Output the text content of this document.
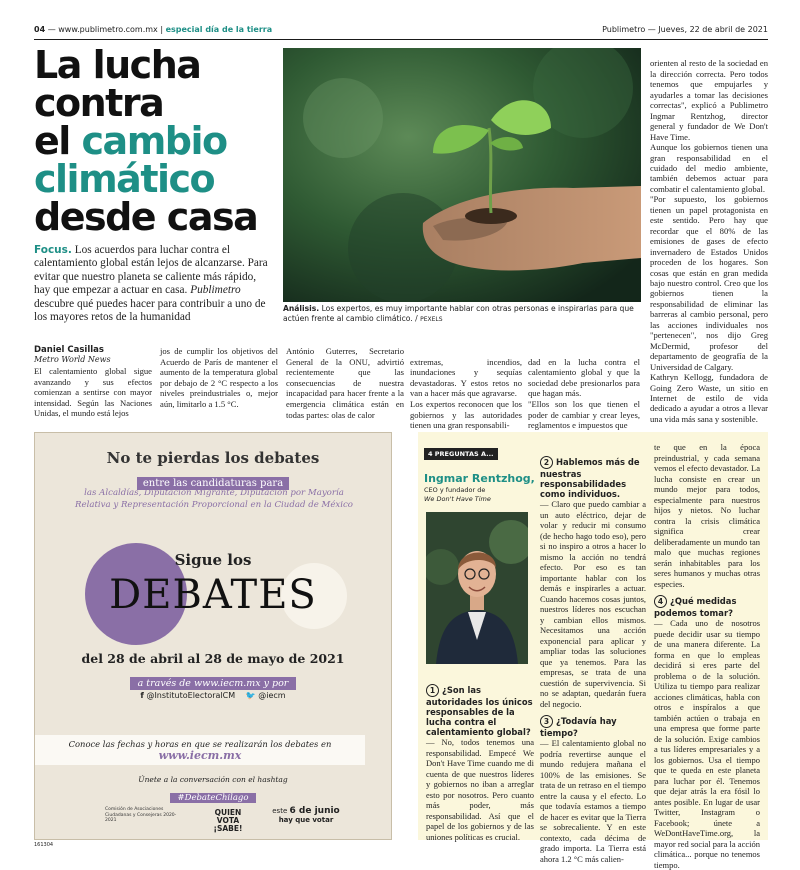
04 — www.publimetro.com.mx | especial día de la tierra	Publimetro — Jueves, 22 de abril de 2021
La lucha
contra
el cambio
climático
desde casa
Focus. Los acuerdos para luchar contra el calentamiento global están lejos de alcanzarse. Para evitar que nuestro planeta se caliente más rápido, hay que empezar a actuar en casa. Publimetro descubre qué puedes hacer para contribuir a uno de los mayores retos de la humanidad
Análisis. Los expertos, es muy importante hablar con otras personas e inspirarlas para que actúen frente al cambio climático. / PEXELS
Daniel Casillas
Metro World News

El calentamiento global sigue avanzando y sus efectos comienzan a sentirse con mayor intensidad. Según las Naciones Unidas, el mundo está lejos

jos de cumplir los objetivos del Acuerdo de París de mantener el aumento de la temperatura global por debajo de 2 °C respecto a los niveles preindustriales o, mejor aún, limitarlo a 1.5 °C.

António Guterres, Secretario General de la ONU, advirtió recientemente que las consecuencias de nuestra incapacidad para hacer frente a la emergencia climática están en todas partes: olas de calor

extremas, incendios, inundaciones y sequías devastadoras. Y estos retos no van a hacer más que agravarse.
Los expertos reconocen que los gobiernos y las autoridades tienen una gran responsabili-

dad en la lucha contra el calentamiento global y que la sociedad debe presionarlos para que hagan más.
"Ellos son los que tienen el poder de cambiar y crear leyes, reglamentos e impuestos que

orienten al resto de la sociedad en la dirección correcta. Pero todos tenemos que empujarles y ayudarles a tomar las decisiones correctas", explicó a Publimetro Ingmar Rentzhog, director general y fundador de We Don't Have Time.
Aunque los gobiernos tienen una gran responsabilidad en el cuidado del medio ambiente, también debemos actuar para combatir el calentamiento global.
"Por supuesto, los gobiernos tienen un papel protagonista en este sentido. Pero hay que recordar que el 80% de las emisiones de gases de efecto invernadero de Estados Unidos proceden de los hogares. Son cosas que están en gran medida bajo nuestro control. Creo que los gobiernos tienen la responsabilidad de eliminar las barreras al cambio personal, pero las acciones individuales nos "pertenecen", nos dijo Greg McDermid, profesor del departamento de geografía de la Universidad de Calgary.
Kathryn Kellogg, fundadora de Going Zero Waste, un sitio en Internet de estilo de vida dedicado a ayudar a otros a llevar una vida más sana y sostenible.

No te pierdas los debates
entre las candidaturas para
las Alcaldías, Diputación Migrante, Diputación por Mayoría Relativa y Representación Proporcional en la Ciudad de México
Sigue los
DEBATES
del 28 de abril al 28 de mayo de 2021
a través de www.iecm.mx y por
f @InstitutoElectoralCM 🐦 @iecm
Conoce las fechas y horas en que se realizarán los debates en
www.iecm.mx
Únete a la conversación con el hashtag
#DebateChilago
Comisión de Asociaciones Ciudadanas y Consejeras 2020-2021
QUIEN VOTA ¡SABE!
este 6 de junio
hay que votar
161304
4 PREGUNTAS A...
Ingmar Rentzhog,
CEO y fundador de
We Don't Have Time

1 ¿Son las autoridades los únicos responsables de la lucha contra el calentamiento global?

— No, todos tenemos una responsabilidad. Empecé We Don't Have Time cuando me di cuenta de que nuestros líderes y gobiernos no iban a arreglar esto por nosotros. Pero cuanto más poder, más responsabilidad. Así que el papel de los gobiernos y de las uniones políticas es crucial.

2 Hablemos más de nuestras responsabilidades como individuos.

— Claro que puedo cambiar a un auto eléctrico, dejar de volar y reducir mi consumo (de hecho hago todo eso), pero si no inspiro a otros a hacer lo mismo la acción no tendrá efecto. Por eso es tan importante hablar con los demás e inspirarles a actuar. Cuando hacemos cosas juntos, nuestros líderes nos escuchan y cambian ellos mismos. Necesitamos una acción exponencial para aplicar y ampliar todas las soluciones que ya tenemos. Para las empresas, se trata de una cuestión de supervivencia. Si no se adaptan, quedarán fuera del negocio.

3 ¿Todavía hay tiempo?

— El calentamiento global no podría revertirse aunque el mundo redujera mañana el 100% de las emisiones. Se trata de un retraso en el tiempo entre la causa y el efecto. Lo que todavía estamos a tiempo de hacer es evitar que la Tierra se sobrecaliente. Y en este contexto, cada décima de grado importa. La Tierra está ahora 1.2 °C más calien-

te que en la época preindustrial, y cada semana vemos el efecto devastador. La lucha consiste en crear un mundo mejor para todos, especialmente para nuestros hijos y nietos. No luchar contra la crisis climática significa crear deliberadamente un mundo tan malo que muchas regiones serán inhabitables para los seres humanos y muchas otras especies.

4 ¿Qué medidas podemos tomar?

— Cada uno de nosotros puede decidir usar su tiempo de una manera diferente. La forma en que lo empleas decidirá si eres parte del problema o de la solución. Utiliza tu tiempo para realizar acciones climáticas, habla con otros e inspíralos a que también actúen o trabaja en una empresa que forme parte de la solución. Exige cambios a tus líderes empresariales y a los gobiernos. Usa el tiempo que te queda en este planeta para luchar por él. Tenemos que dejar atrás la era fósil lo antes posible. En lugar de usar Twitter, Instagram o Facebook; únete a WeDontHaveTime.org, la mayor red social para la acción climática... porque no tenemos tiempo.
